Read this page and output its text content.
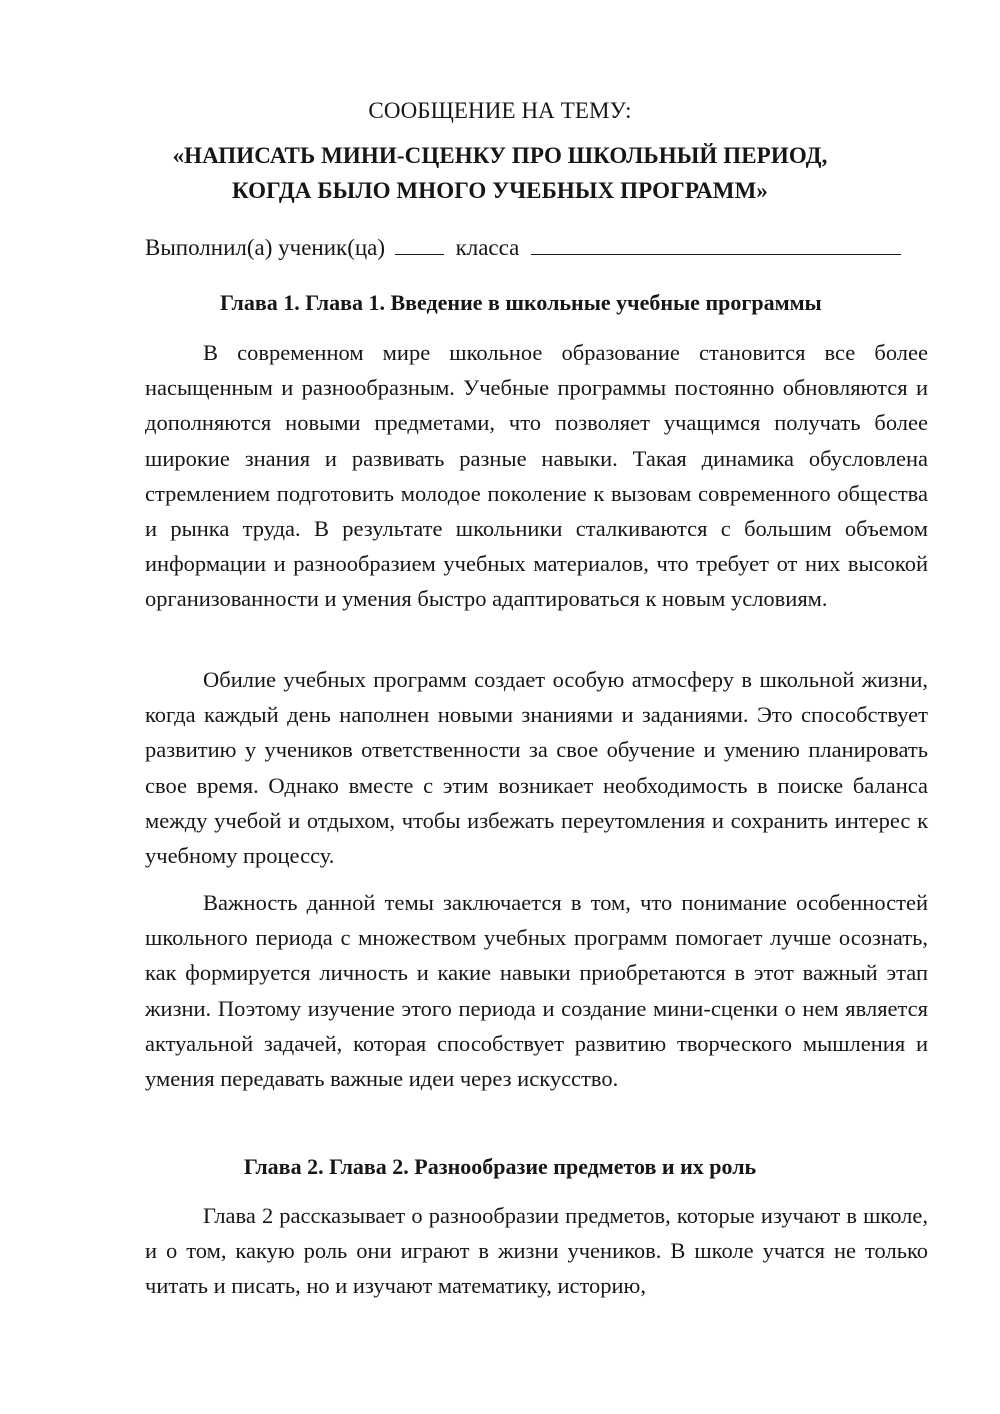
СООБЩЕНИЕ НА ТЕМУ:
«НАПИСАТЬ МИНИ-СЦЕНКУ ПРО ШКОЛЬНЫЙ ПЕРИОД,
КОГДА БЫЛО МНОГО УЧЕБНЫХ ПРОГРАММ»
Выполнил(а) ученик(ца)	класса
Глава 1. Глава 1. Введение в школьные учебные программы

В современном мире школьное образование становится все более насыщенным и разнообразным. Учебные программы постоянно обновляются и дополняются новыми предметами, что позволяет учащимся получать более широкие знания и развивать разные навыки. Такая динамика обусловлена стремлением подготовить молодое поколение к вызовам современного общества и рынка труда. В результате школьники сталкиваются с большим объемом информации и разнообразием учебных материалов, что требует от них высокой организованности и умения быстро адаптироваться к новым условиям.

Обилие учебных программ создает особую атмосферу в школьной жизни, когда каждый день наполнен новыми знаниями и заданиями. Это способствует развитию у учеников ответственности за свое обучение и умению планировать свое время. Однако вместе с этим возникает необходимость в поиске баланса между учебой и отдыхом, чтобы избежать переутомления и сохранить интерес к учебному процессу.

Важность данной темы заключается в том, что понимание особенностей школьного периода с множеством учебных программ помогает лучше осознать, как формируется личность и какие навыки приобретаются в этот важный этап жизни. Поэтому изучение этого периода и создание мини-сценки о нем является актуальной задачей, которая способствует развитию творческого мышления и умения передавать важные идеи через искусство.

Глава 2. Глава 2. Разнообразие предметов и их роль

Глава 2 рассказывает о разнообразии предметов, которые изучают в школе, и о том, какую роль они играют в жизни учеников. В школе учатся не только читать и писать, но и изучают математику, историю,
